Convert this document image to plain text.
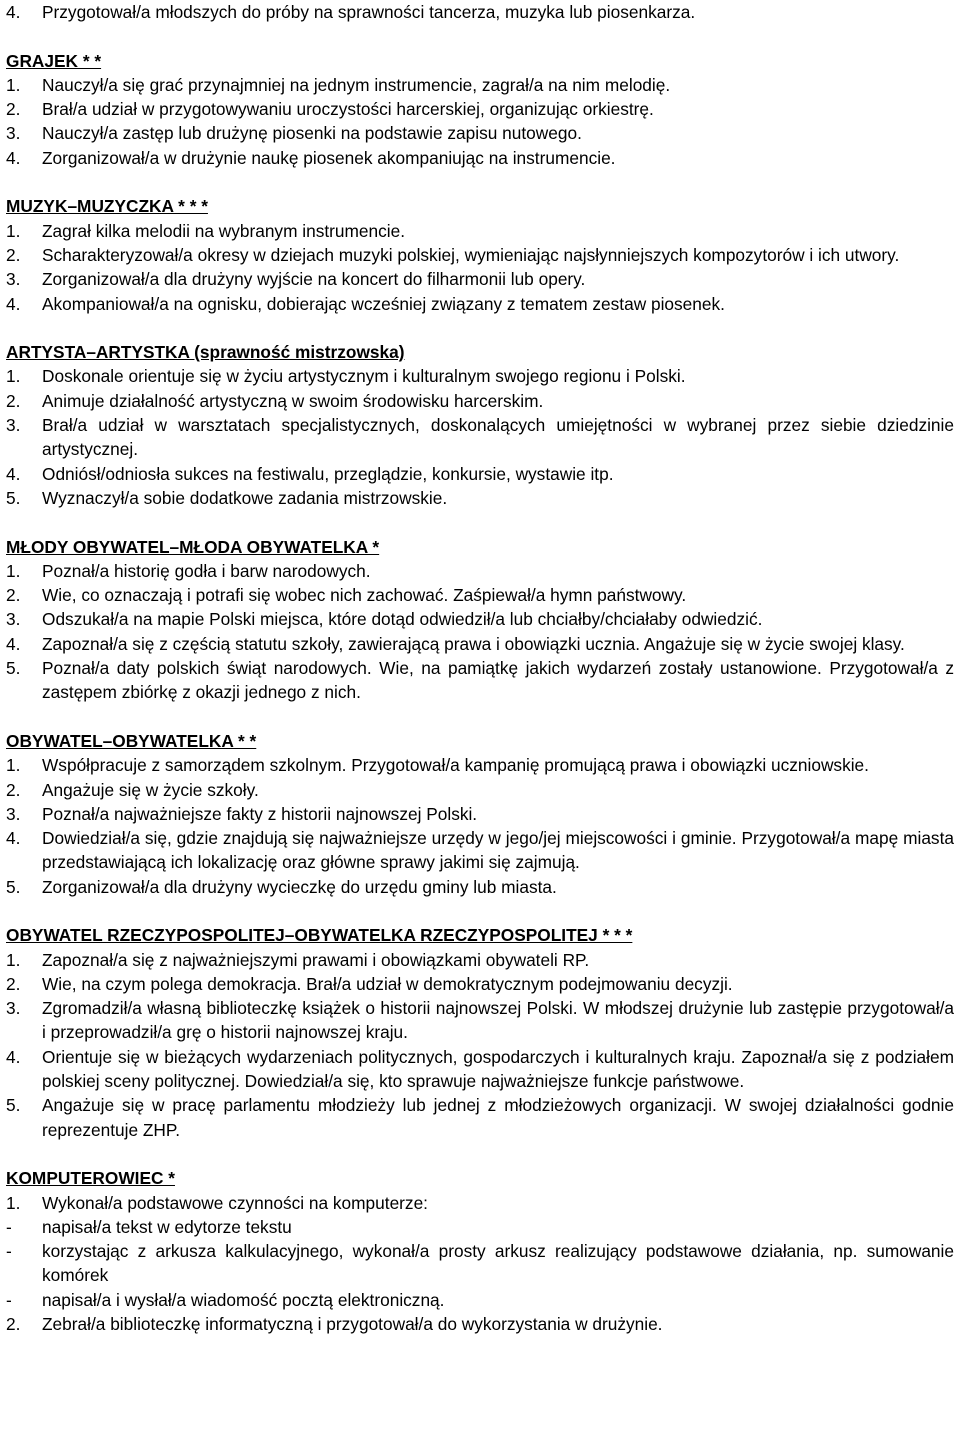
4. Przygotował/a młodszych do próby na sprawności tancerza, muzyka lub piosenkarza.
GRAJEK * *
1. Nauczył/a się grać przynajmniej na jednym instrumencie, zagrał/a na nim melodię.
2. Brał/a udział w przygotowywaniu uroczystości harcerskiej, organizując orkiestrę.
3. Nauczył/a zastęp lub drużynę piosenki na podstawie zapisu nutowego.
4. Zorganizował/a w drużynie naukę piosenek akompaniując na instrumencie.
MUZYK–MUZYCZKA * * *
1. Zagrał kilka melodii na wybranym instrumencie.
2. Scharakteryzował/a okresy w dziejach muzyki polskiej, wymieniając najsłynniejszych kompozytorów i ich utwory.
3. Zorganizował/a dla drużyny wyjście na koncert do filharmonii lub opery.
4. Akompaniował/a na ognisku, dobierając wcześniej związany z tematem zestaw piosenek.
ARTYSTA–ARTYSTKA (sprawność mistrzowska)
1. Doskonale orientuje się w życiu artystycznym i kulturalnym swojego regionu i Polski.
2. Animuje działalność artystyczną w swoim środowisku harcerskim.
3. Brał/a udział w warsztatach specjalistycznych, doskonalących umiejętności w wybranej przez siebie dziedzinie artystycznej.
4. Odniósł/odniosła sukces na festiwalu, przeglądzie, konkursie, wystawie itp.
5. Wyznaczył/a sobie dodatkowe zadania mistrzowskie.
MŁODY OBYWATEL–MŁODA OBYWATELKA *
1. Poznał/a historię godła i barw narodowych.
2. Wie, co oznaczają i potrafi się wobec nich zachować. Zaśpiewał/a hymn państwowy.
3. Odszukał/a na mapie Polski miejsca, które dotąd odwiedził/a lub chciałby/chciałaby odwiedzić.
4. Zapoznał/a się z częścią statutu szkoły, zawierającą prawa i obowiązki ucznia. Angażuje się w życie swojej klasy.
5. Poznał/a daty polskich świąt narodowych. Wie, na pamiątkę jakich wydarzeń zostały ustanowione. Przygotował/a z zastępem zbiórkę z okazji jednego z nich.
OBYWATEL–OBYWATELKA * *
1. Współpracuje z samorządem szkolnym. Przygotował/a kampanię promującą prawa i obowiązki uczniowskie.
2. Angażuje się w życie szkoły.
3. Poznał/a najważniejsze fakty z historii najnowszej Polski.
4. Dowiedział/a się, gdzie znajdują się najważniejsze urzędy w jego/jej miejscowości i gminie. Przygotował/a mapę miasta przedstawiającą ich lokalizację oraz główne sprawy jakimi się zajmują.
5. Zorganizował/a dla drużyny wycieczkę do urzędu gminy lub miasta.
OBYWATEL RZECZYPOSPOLITEJ–OBYWATELKA RZECZYPOSPOLITEJ * * *
1. Zapoznał/a się z najważniejszymi prawami i obowiązkami obywateli RP.
2. Wie, na czym polega demokracja. Brał/a udział w demokratycznym podejmowaniu decyzji.
3. Zgromadził/a własną biblioteczkę książek o historii najnowszej Polski. W młodszej drużynie lub zastępie przygotował/a i przeprowadził/a grę o historii najnowszej kraju.
4. Orientuje się w bieżących wydarzeniach politycznych, gospodarczych i kulturalnych kraju. Zapoznał/a się z podziałem polskiej sceny politycznej. Dowiedział/a się, kto sprawuje najważniejsze funkcje państwowe.
5. Angażuje się w pracę parlamentu młodzieży lub jednej z młodzieżowych organizacji. W swojej działalności godnie reprezentuje ZHP.
KOMPUTEROWIEC *
1. Wykonał/a podstawowe czynności na komputerze:
- napisał/a tekst w edytorze tekstu
- korzystając z arkusza kalkulacyjnego, wykonał/a prosty arkusz realizujący podstawowe działania, np. sumowanie komórek
- napisał/a i wysłał/a wiadomość pocztą elektroniczną.
2. Zebrał/a biblioteczkę informatyczną i przygotował/a do wykorzystania w drużynie.
